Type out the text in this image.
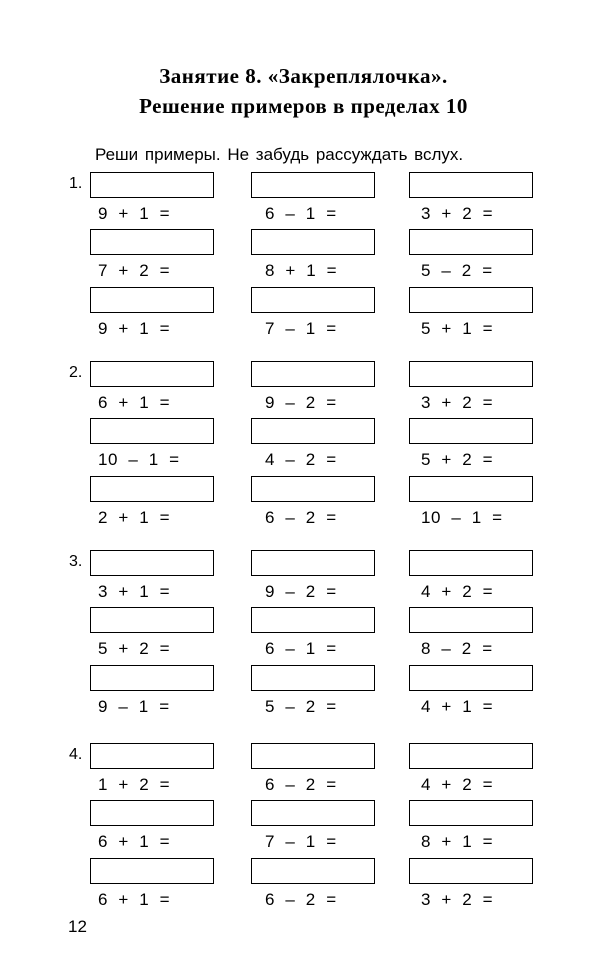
Занятие 8. «Закреплялочка».
Решение примеров в пределах 10
Реши примеры. Не забудь рассуждать вслух.
1.
9  +  1  =	6  –  1  =	3  +  2  =
7  +  2  =	8  +  1  =	5  –  2  =
9  +  1  =	7  –  1  =	5  +  1  =
2.
6  +  1  =	9  –  2  =	3  +  2  =
10  –  1  =	4  –  2  =	5  +  2  =
2  +  1  =	6  –  2  =	10  –  1  =
3.
3  +  1  =	9  –  2  =	4  +  2  =
5  +  2  =	6  –  1  =	8  –  2  =
9  –  1  =	5  –  2  =	4  +  1  =
4.
1  +  2  =	6  –  2  =	4  +  2  =
6  +  1  =	7  –  1  =	8  +  1  =
6  +  1  =	6  –  2  =	3  +  2  =
12
